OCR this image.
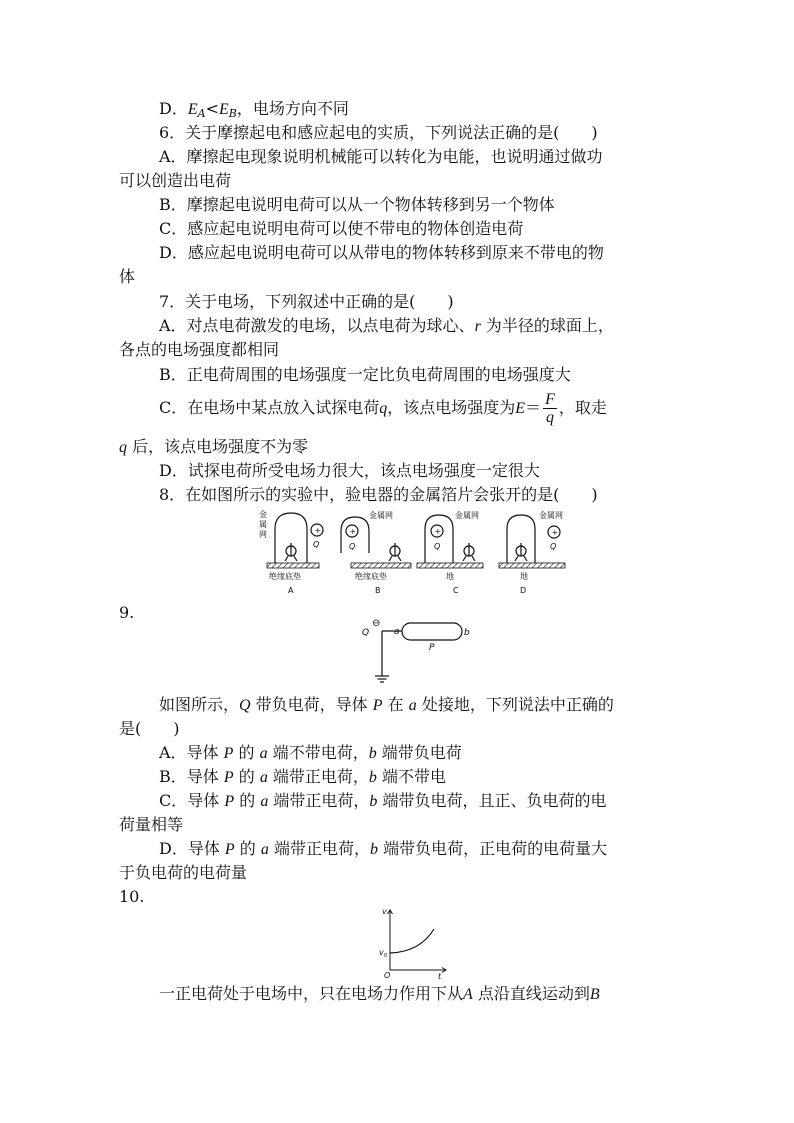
D．$E_A<E_B$，电场方向不同
6．关于摩擦起电和感应起电的实质，下列说法正确的是(　　)
A．摩擦起电现象说明机械能可以转化为电能，也说明通过做功
可以创造出电荷
B．摩擦起电说明电荷可以从一个物体转移到另一个物体
C．感应起电说明电荷可以使不带电的物体创造电荷
D．感应起电说明电荷可以从带电的物体转移到原来不带电的物
体
7．关于电场，下列叙述中正确的是(　　)
A．对点电荷激发的电场，以点电荷为球心、r 为半径的球面上，
各点的电场强度都相同
B．正电荷周围的电场强度一定比负电荷周围的电场强度大
C．在电场中某点放入试探电荷q，该点电场强度为$E= \frac{F}{q}$ ，取走
q 后，该点电场强度不为零
D．试探电荷所受电场力很大，该点电场强度一定很大
8．在如图所示的实验中，验电器的金属箔片会张开的是(　　)
金
属
网
金属网	金属网	金属网
+	+	+	+
Q	Q	Q	Q
绝缘底垫	绝缘底垫	地	地
A	B	C	D
9.
⊖
Q	a	b
P
如图所示，Q 带负电荷，导体 P 在 a 处接地，下列说法中正确的
是(　　)
A．导体 P 的 a 端不带电荷，b 端带负电荷
B．导体 P 的 a 端带正电荷，b 端不带电
C．导体 P 的 a 端带正电荷，b 端带负电荷，且正、负电荷的电
荷量相等
D．导体 P 的 a 端带正电荷，b 端带负电荷，正电荷的电荷量大
于负电荷的电荷量
10.
v
t
O
v 0
一正电荷处于电场中，只在电场力作用下从A 点沿直线运动到B
